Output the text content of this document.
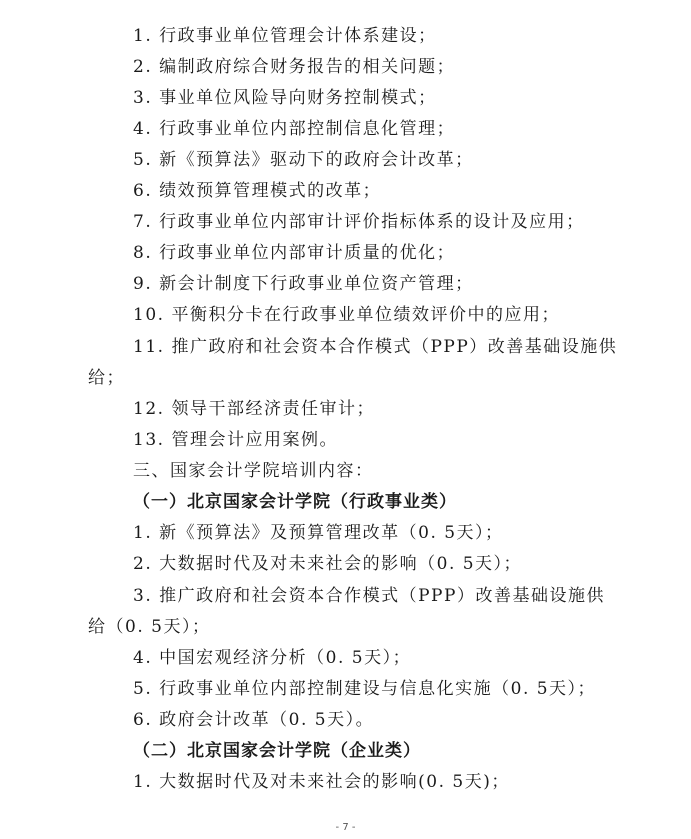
1. 行政事业单位管理会计体系建设；
2. 编制政府综合财务报告的相关问题；
3. 事业单位风险导向财务控制模式；
4. 行政事业单位内部控制信息化管理；
5. 新《预算法》驱动下的政府会计改革；
6. 绩效预算管理模式的改革；
7. 行政事业单位内部审计评价指标体系的设计及应用；
8. 行政事业单位内部审计质量的优化；
9. 新会计制度下行政事业单位资产管理；
10. 平衡积分卡在行政事业单位绩效评价中的应用；
11. 推广政府和社会资本合作模式（PPP）改善基础设施供
给；
12. 领导干部经济责任审计；
13. 管理会计应用案例。
三、国家会计学院培训内容：
（一）北京国家会计学院（行政事业类）
1. 新《预算法》及预算管理改革（0. 5天）；
2. 大数据时代及对未来社会的影响（0. 5天）；
3. 推广政府和社会资本合作模式（PPP）改善基础设施供
给（0. 5天）；
4. 中国宏观经济分析（0. 5天）；
5. 行政事业单位内部控制建设与信息化实施（0. 5天）；
6. 政府会计改革（0. 5天）。
（二）北京国家会计学院（企业类）
1. 大数据时代及对未来社会的影响(0. 5天)；
- 7 -
